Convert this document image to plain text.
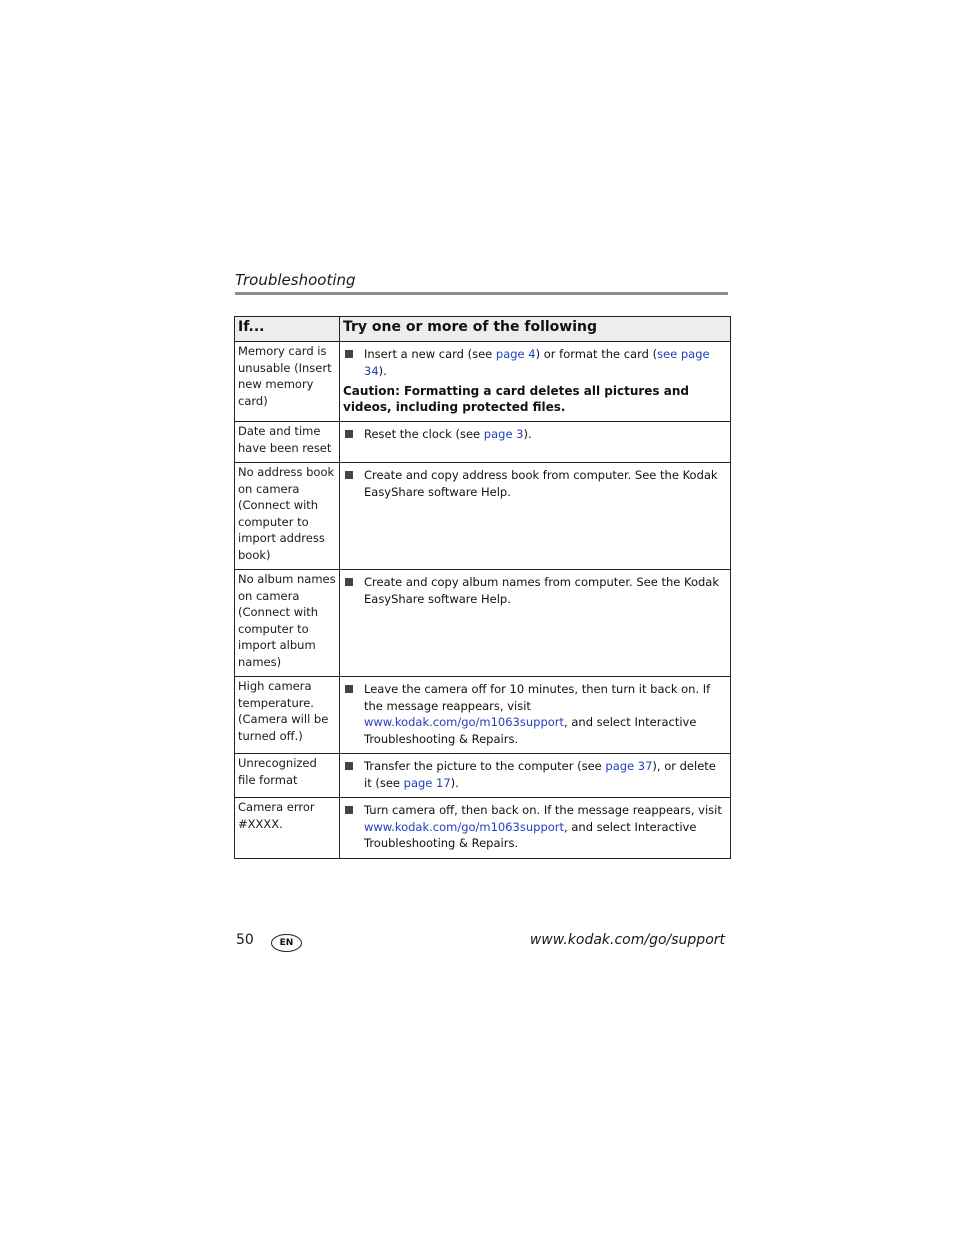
Troubleshooting
If...	Try one or more of the following
Memory card is unusable (Insert new memory card)	Insert a new card (see page 4) or format the card (see page 34).
Caution: Formatting a card deletes all pictures and videos, including protected files.

Date and time have been reset	Reset the clock (see page 3).

No address book on camera (Connect with computer to import address book)	Create and copy address book from computer. See the Kodak EasyShare software Help.

No album names on camera (Connect with computer to import album names)	Create and copy album names from computer. See the Kodak EasyShare software Help.

High camera temperature. (Camera will be turned off.)	Leave the camera off for 10 minutes, then turn it back on. If the message reappears, visit www.kodak.com/go/m1063support, and select Interactive Troubleshooting & Repairs.

Unrecognized file format	Transfer the picture to the computer (see page 37), or delete it (see page 17).

Camera error #XXXX.	Turn camera off, then back on. If the message reappears, visit www.kodak.com/go/m1063support, and select Interactive Troubleshooting & Repairs.
50	EN	www.kodak.com/go/support
